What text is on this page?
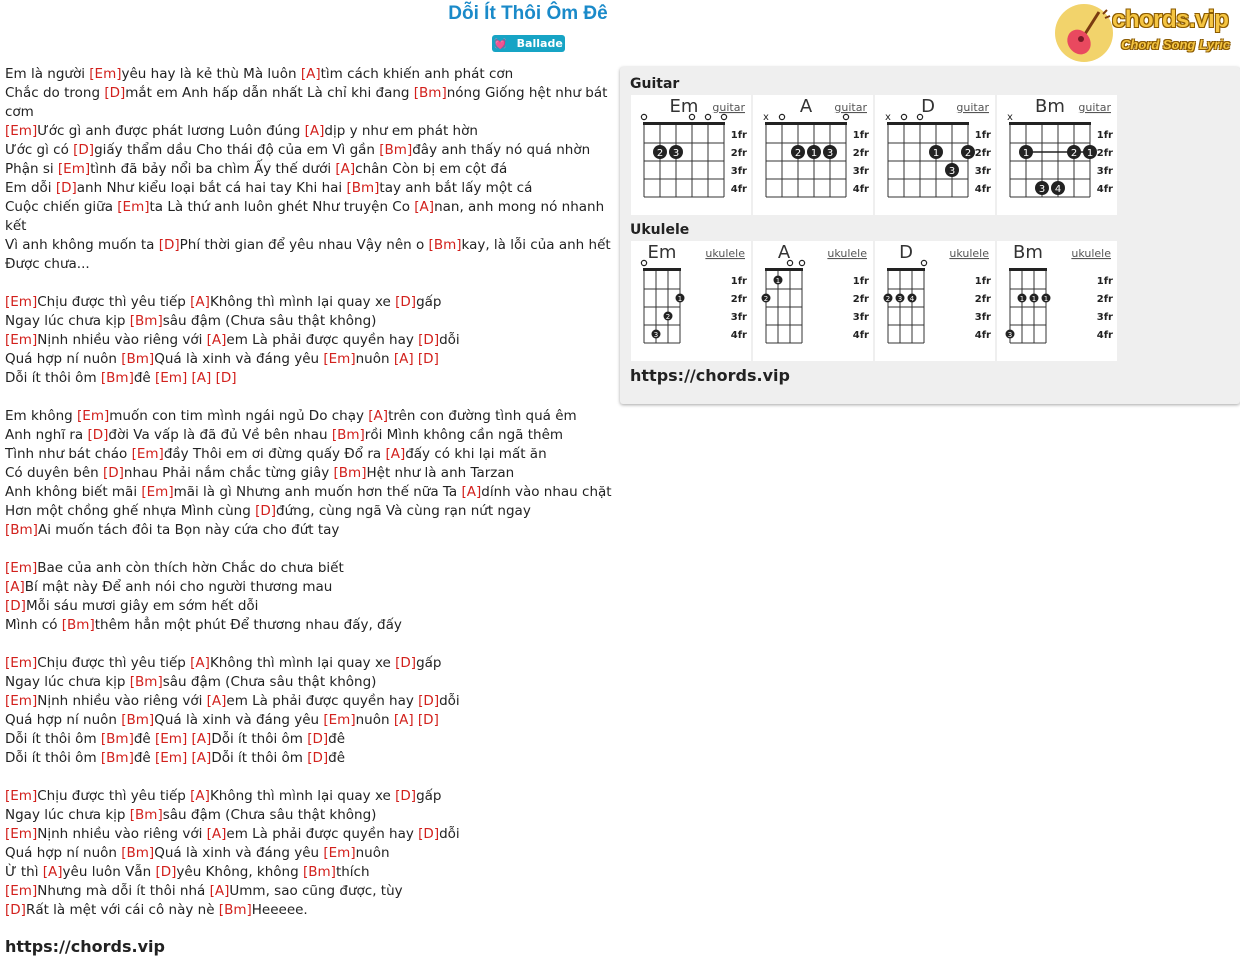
Dỗi Ít Thôi Ôm Đê
💓 Ballade
chords.vip
Chord Song Lyric
Em là người [Em]yêu hay là kẻ thù Mà luôn [A]tìm cách khiến anh phát cơn
Chắc do trong [D]mắt em Anh hấp dẫn nhất Là chỉ khi đang [Bm]nóng Giống hệt như bát cơm
[Em]Ước gì anh được phát lương Luôn đúng [A]dịp y như em phát hờn
Ước gì có [D]giấy thẩm dầu Cho thái độ của em Vì gần [Bm]đây anh thấy nó quá nhờn
Phận si [Em]tình đã bảy nổi ba chìm Ấy thế dưới [A]chân Còn bị em cột đá
Em dỗi [D]anh Như kiểu loại bắt cá hai tay Khi hai [Bm]tay anh bắt lấy một cá
Cuộc chiến giữa [Em]ta Là thứ anh luôn ghét Như truyện Co [A]nan, anh mong nó nhanh kết
Vì anh không muốn ta [D]Phí thời gian để yêu nhau Vậy nên o [Bm]kay, là lỗi của anh hết Được chưa...
[Em]Chịu được thì yêu tiếp [A]Không thì mình lại quay xe [D]gấp
Ngay lúc chưa kịp [Bm]sâu đậm (Chưa sâu thật không)
[Em]Nịnh nhiều vào riêng với [A]em Là phải được quyền hay [D]dỗi
Quá hợp ní nuôn [Bm]Quá là xinh và đáng yêu [Em]nuôn [A] [D]
Dỗi ít thôi ôm [Bm]đê [Em] [A] [D]
Em không [Em]muốn con tim mình ngái ngủ Do chạy [A]trên con đường tình quá êm
Anh nghĩ ra [D]đời Va vấp là đã đủ Về bên nhau [Bm]rồi Mình không cần ngã thêm
Tình như bát cháo [Em]đầy Thôi em ơi đừng quấy Đổ ra [A]đấy có khi lại mất ăn
Có duyên bên [D]nhau Phải nắm chắc từng giây [Bm]Hệt như là anh Tarzan
Anh không biết mãi [Em]mãi là gì Nhưng anh muốn hơn thế nữa Ta [A]dính vào nhau chặt
Hơn một chồng ghế nhựa Mình cùng [D]đứng, cùng ngã Và cùng rạn nứt ngay
[Bm]Ai muốn tách đôi ta Bọn này cứa cho đứt tay
[Em]Bae của anh còn thích hờn Chắc do chưa biết
[A]Bí mật này Để anh nói cho người thương mau
[D]Mỗi sáu mươi giây em sớm hết dỗi
Mình có [Bm]thêm hẳn một phút Để thương nhau đấy, đấy
[Em]Chịu được thì yêu tiếp [A]Không thì mình lại quay xe [D]gấp
Ngay lúc chưa kịp [Bm]sâu đậm (Chưa sâu thật không)
[Em]Nịnh nhiều vào riêng với [A]em Là phải được quyền hay [D]dỗi
Quá hợp ní nuôn [Bm]Quá là xinh và đáng yêu [Em]nuôn [A] [D]
Dỗi ít thôi ôm [Bm]đê [Em] [A]Dỗi ít thôi ôm [D]đê
Dỗi ít thôi ôm [Bm]đê [Em] [A]Dỗi ít thôi ôm [D]đê
[Em]Chịu được thì yêu tiếp [A]Không thì mình lại quay xe [D]gấp
Ngay lúc chưa kịp [Bm]sâu đậm (Chưa sâu thật không)
[Em]Nịnh nhiều vào riêng với [A]em Là phải được quyền hay [D]dỗi
Quá hợp ní nuôn [Bm]Quá là xinh và đáng yêu [Em]nuôn
Ừ thì [A]yêu luôn Vẫn [D]yêu Không, không [Bm]thích
[Em]Nhưng mà dỗi ít thôi nhá [A]Umm, sao cũng được, tùy
[D]Rất là mệt với cái cô này nè [Bm]Heeeee.
https://chords.vip
Guitar
Ukulele
https://chords.vip
Em guitar
1fr
2fr
3fr
4fr
2 3
A guitar
1fr
2fr
3fr
4fr
x
2 1 3
D guitar
1fr
2fr
3fr
4fr
x
1	2
3
Bm guitar
1fr
2fr
3fr
4fr
x
1	1
2
3 4
Em	ukulele
1fr
2fr
3fr
4fr
1
2
3
A	ukulele
1fr
2fr
3fr
4fr
1
2
D	ukulele
1fr
2fr
3fr
4fr
2 3 4
Bm	ukulele
1fr
2fr
3fr
4fr
1 1 1
3
